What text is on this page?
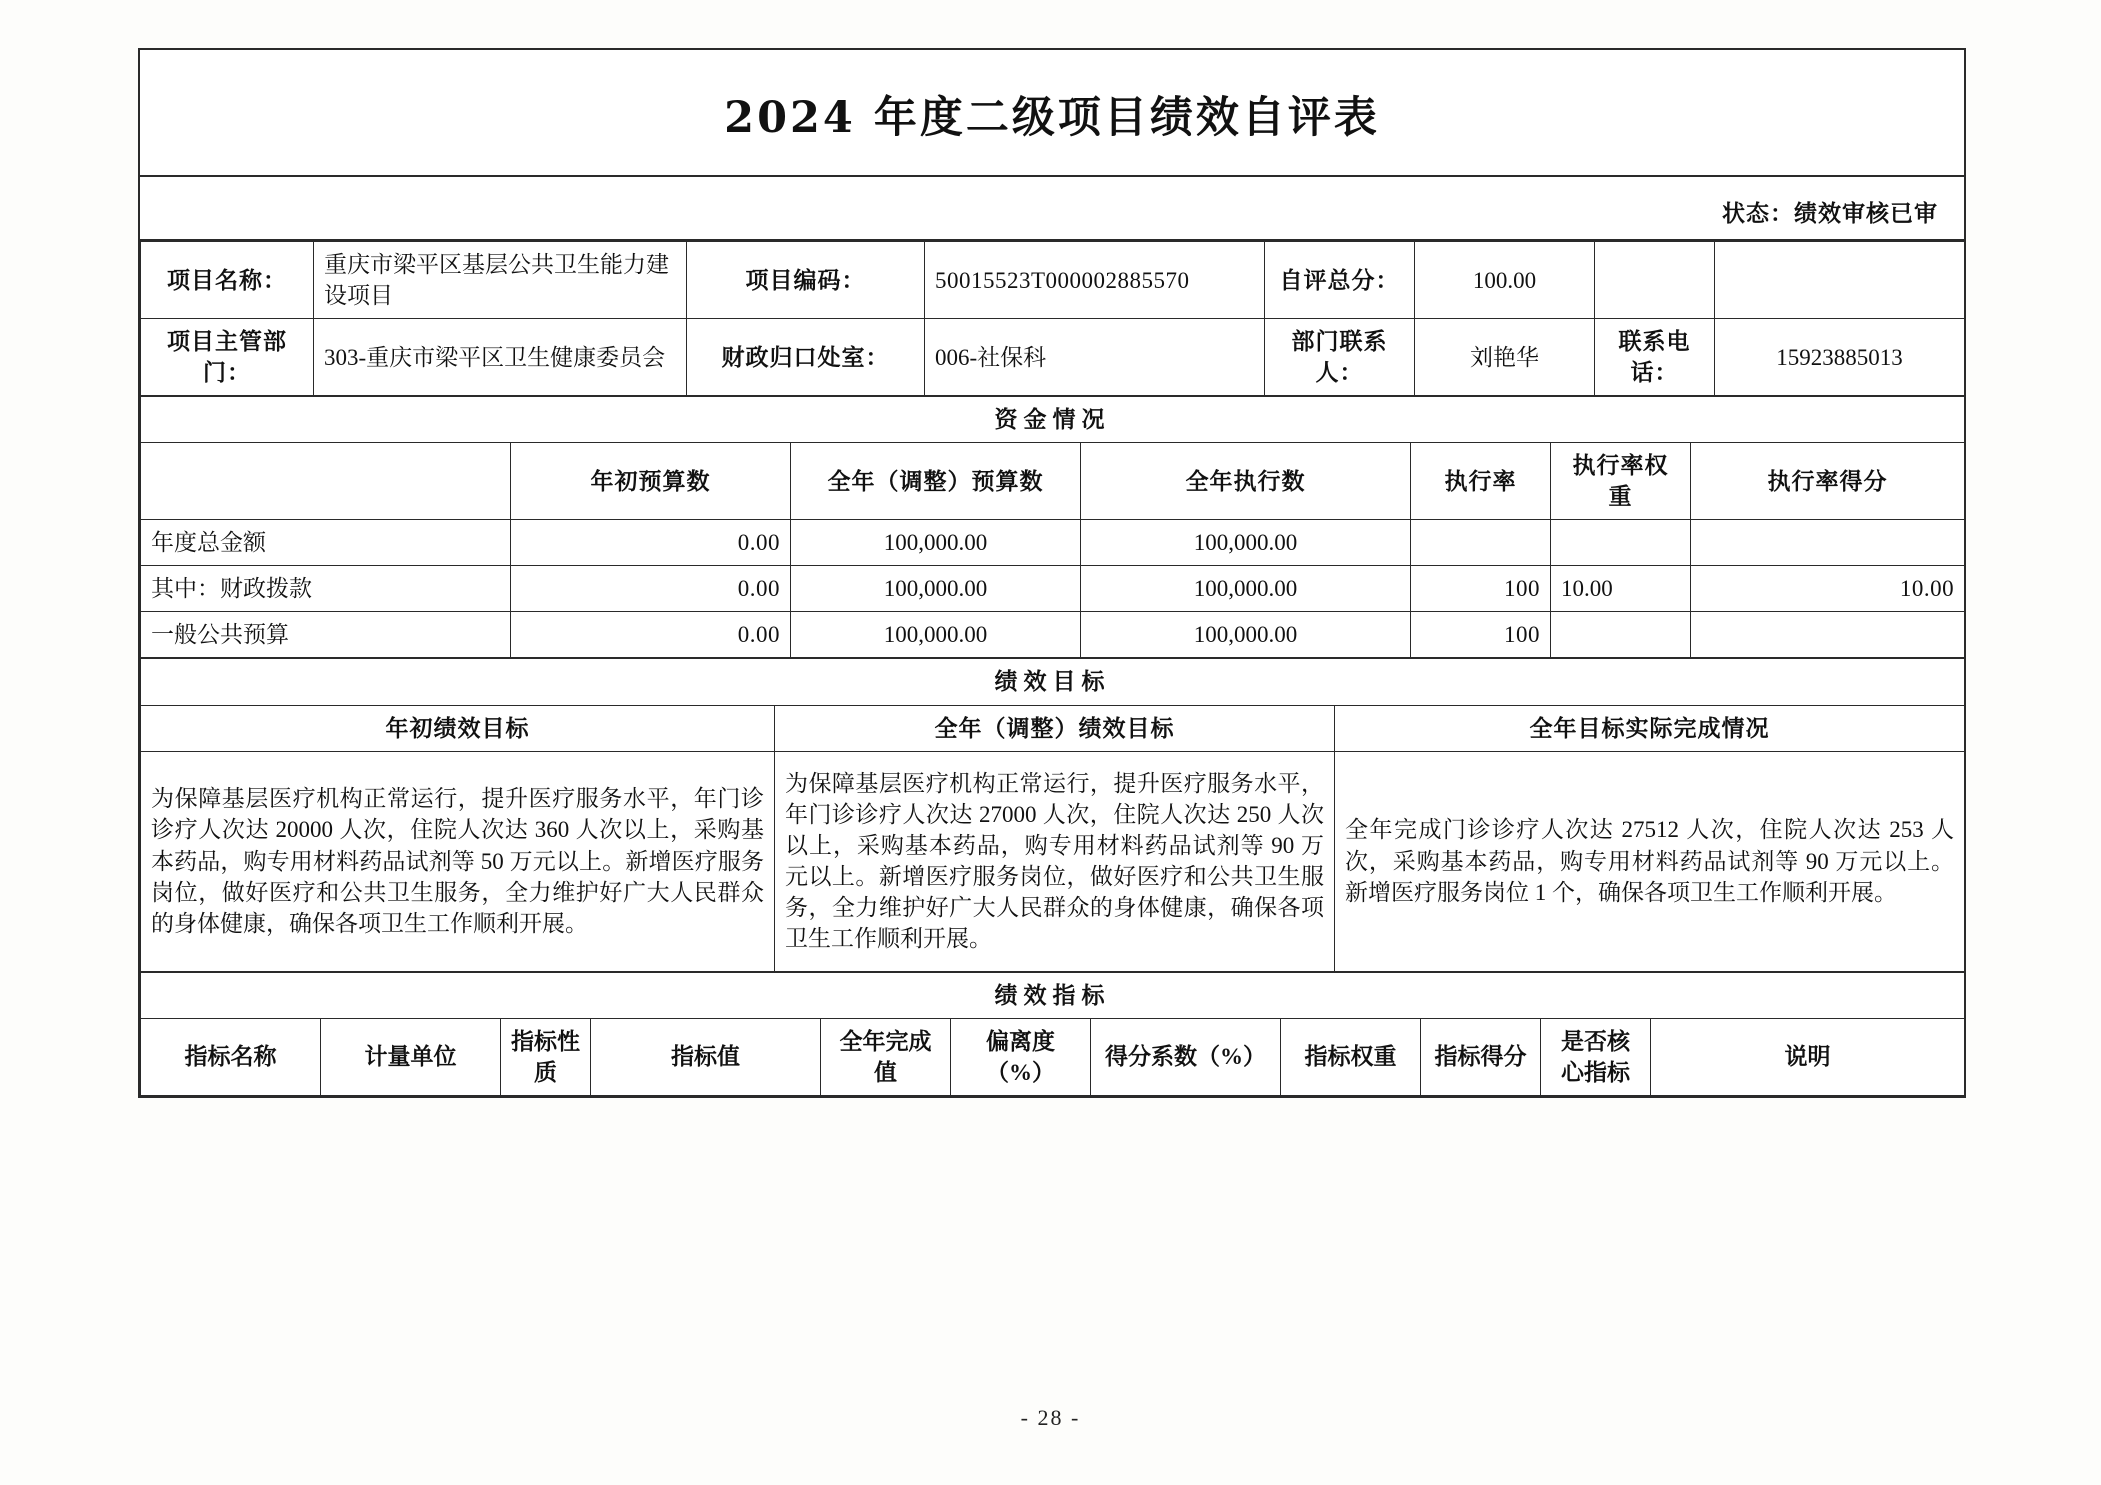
2024 年度二级项目绩效自评表
状态：绩效审核已审
项目名称：	重庆市梁平区基层公共卫生能力建设项目	项目编码：	50015523T000002885570	自评总分：	100.00		
项目主管部门：	303-重庆市梁平区卫生健康委员会	财政归口处室：	006-社保科	部门联系人：	刘艳华	联系电话：	15923885013
资金情况						
	年初预算数	全年（调整）预算数	全年执行数	执行率	执行率权重	执行率得分
年度总金额	0.00	100,000.00	100,000.00			
其中：财政拨款	0.00	100,000.00	100,000.00	100	10.00	10.00
一般公共预算	0.00	100,000.00	100,000.00	100		
绩效目标		
年初绩效目标	全年（调整）绩效目标	全年目标实际完成情况
为保障基层医疗机构正常运行，提升医疗服务水平，年门诊诊疗人次达 20000 人次，住院人次达 360 人次以上，采购基本药品，购专用材料药品试剂等 50 万元以上。新增医疗服务岗位，做好医疗和公共卫生服务，全力维护好广大人民群众的身体健康，确保各项卫生工作顺利开展。	为保障基层医疗机构正常运行，提升医疗服务水平，年门诊诊疗人次达 27000 人次，住院人次达 250 人次以上，采购基本药品，购专用材料药品试剂等 90 万元以上。新增医疗服务岗位，做好医疗和公共卫生服务，全力维护好广大人民群众的身体健康，确保各项卫生工作顺利开展。	全年完成门诊诊疗人次达 27512 人次，住院人次达 253 人次，采购基本药品，购专用材料药品试剂等 90 万元以上。新增医疗服务岗位 1 个，确保各项卫生工作顺利开展。
绩效指标
指标名称	计量单位	指标性质	指标值	全年完成值	偏离度（%）	得分系数（%）	指标权重	指标得分	是否核心指标	说明
- 28 -
